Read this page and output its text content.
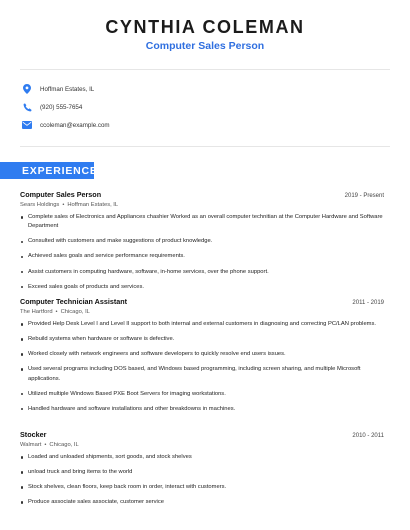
CYNTHIA COLEMAN
Computer Sales Person
Hoffman Estates, IL
(920) 555-7654
ccoleman@example.com
EXPERIENCE
Computer Sales Person	2019 - Present
Sears Holdings • Hoffman Estates, IL
Complete sales of Electronics and Appliances chashier Worked as an overall computer technitian at the Computer Hardware and Software Department
Consulted with customers and make suggestions of product knowledge.
Achieved sales goals and service performance requirements.
Assist customers in computing hardware, software, in-home services, over the phone support.
Exceed sales goals of products and services.
Computer Technician Assistant	2011 - 2019
The Hartford • Chicago, IL
Provided Help Desk Level I and Level II support to both internal and external customers in diagnosing and correcting PC/LAN problems.
Rebuild systems when hardware or software is defective.
Worked closely with network engineers and software developers to quickly resolve end users issues.
Used several programs including DOS based, and Windows based programming, including screen sharing, and multiple Microsoft applications.
Utilized multiple Windows Based PXE Boot Servers for imaging workstations.
Handled hardware and software installations and other breakdowns in machines.
Stocker	2010 - 2011
Walmart • Chicago, IL
Loaded and unloaded shipments, sort goods, and stock shelves
unload truck and bring items to the world
Stock shelves, clean floors, keep back room in order, interact with customers.
Produce associate sales associate, customer service
